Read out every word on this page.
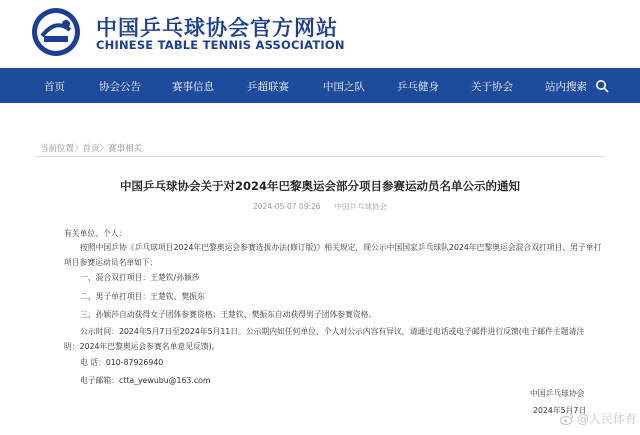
中国乒乓球协会官方网站
CHINESE TABLE TENNIS ASSOCIATION
首页	协会公告	赛事信息	乒超联赛	中国之队	乒乓健身	关于协会	站内搜索
当前位置〉首页〉赛事相关
中国乒乓球协会关于对2024年巴黎奥运会部分项目参赛运动员名单公示的通知
2024-05-07 09:26 中国乒乓球协会
有关单位、个人：
按照中国乒协《乒乓球项目2024年巴黎奥运会参赛选拔办法(修订版)》相关规定，现公示中国国家乒乓球队2024年巴黎奥运会混合双打项目、男子单打
项目参赛运动员名单如下：
一、混合双打项目：王楚钦/孙颖莎
二、男子单打项目：王楚钦、樊振东
三、孙颖莎自动获得女子团体参赛资格；王楚钦、樊振东自动获得男子团体参赛资格。
公示时间：2024年5月7日至2024年5月11日。公示期内如任何单位、个人对公示内容有异议，请通过电话或电子邮件进行反馈(电子邮件主题请注
明：2024年巴黎奥运会参赛名单意见反馈)。
电 话：010-87926940
电子邮箱：ctta_yewubu@163.com
中国乒乓球协会
2024年5月7日
@人民体育
